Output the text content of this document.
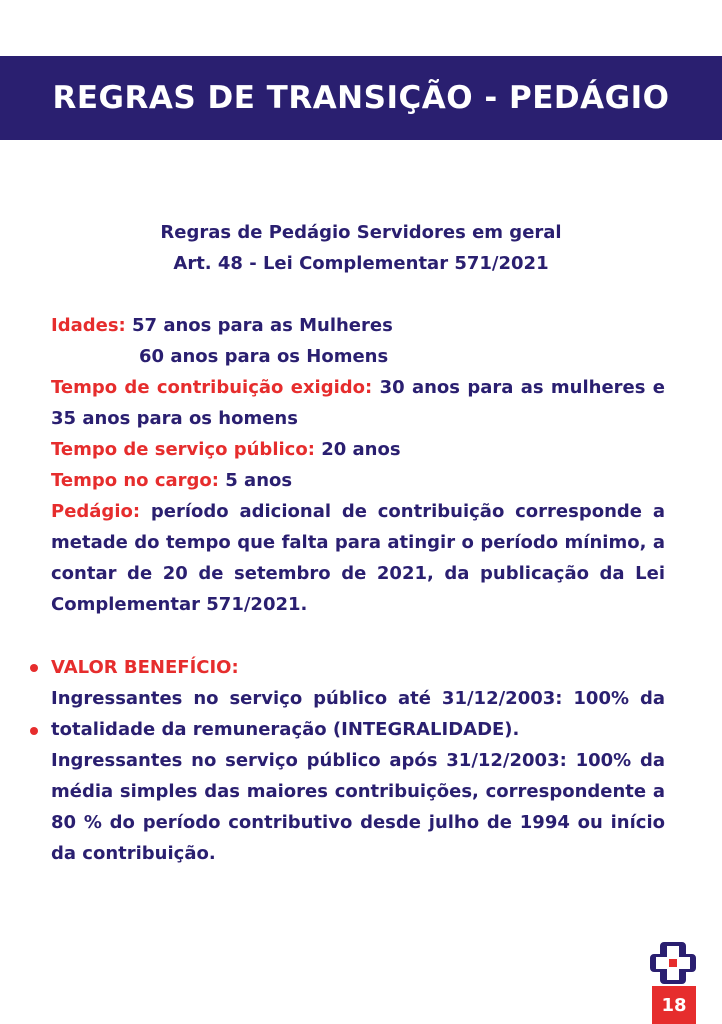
REGRAS DE TRANSIÇÃO - PEDÁGIO
Regras de Pedágio Servidores em geral
Art. 48 - Lei Complementar 571/2021
Idades: 57 anos para as Mulheres
60 anos para os Homens
Tempo de contribuição exigido: 30 anos para as mulheres e 35 anos para os homens
Tempo de serviço público: 20 anos
Tempo no cargo: 5 anos
Pedágio: período adicional de contribuição corresponde a metade do tempo que falta para atingir o período mínimo, a contar de 20 de setembro de 2021, da publicação da Lei Complementar 571/2021.
VALOR BENEFÍCIO:
Ingressantes no serviço público até 31/12/2003: 100% da totalidade da remuneração (INTEGRALIDADE).
Ingressantes no serviço público após 31/12/2003: 100% da média simples das maiores contribuições, correspondente a 80 % do período contributivo desde julho de 1994 ou início da contribuição.
18
